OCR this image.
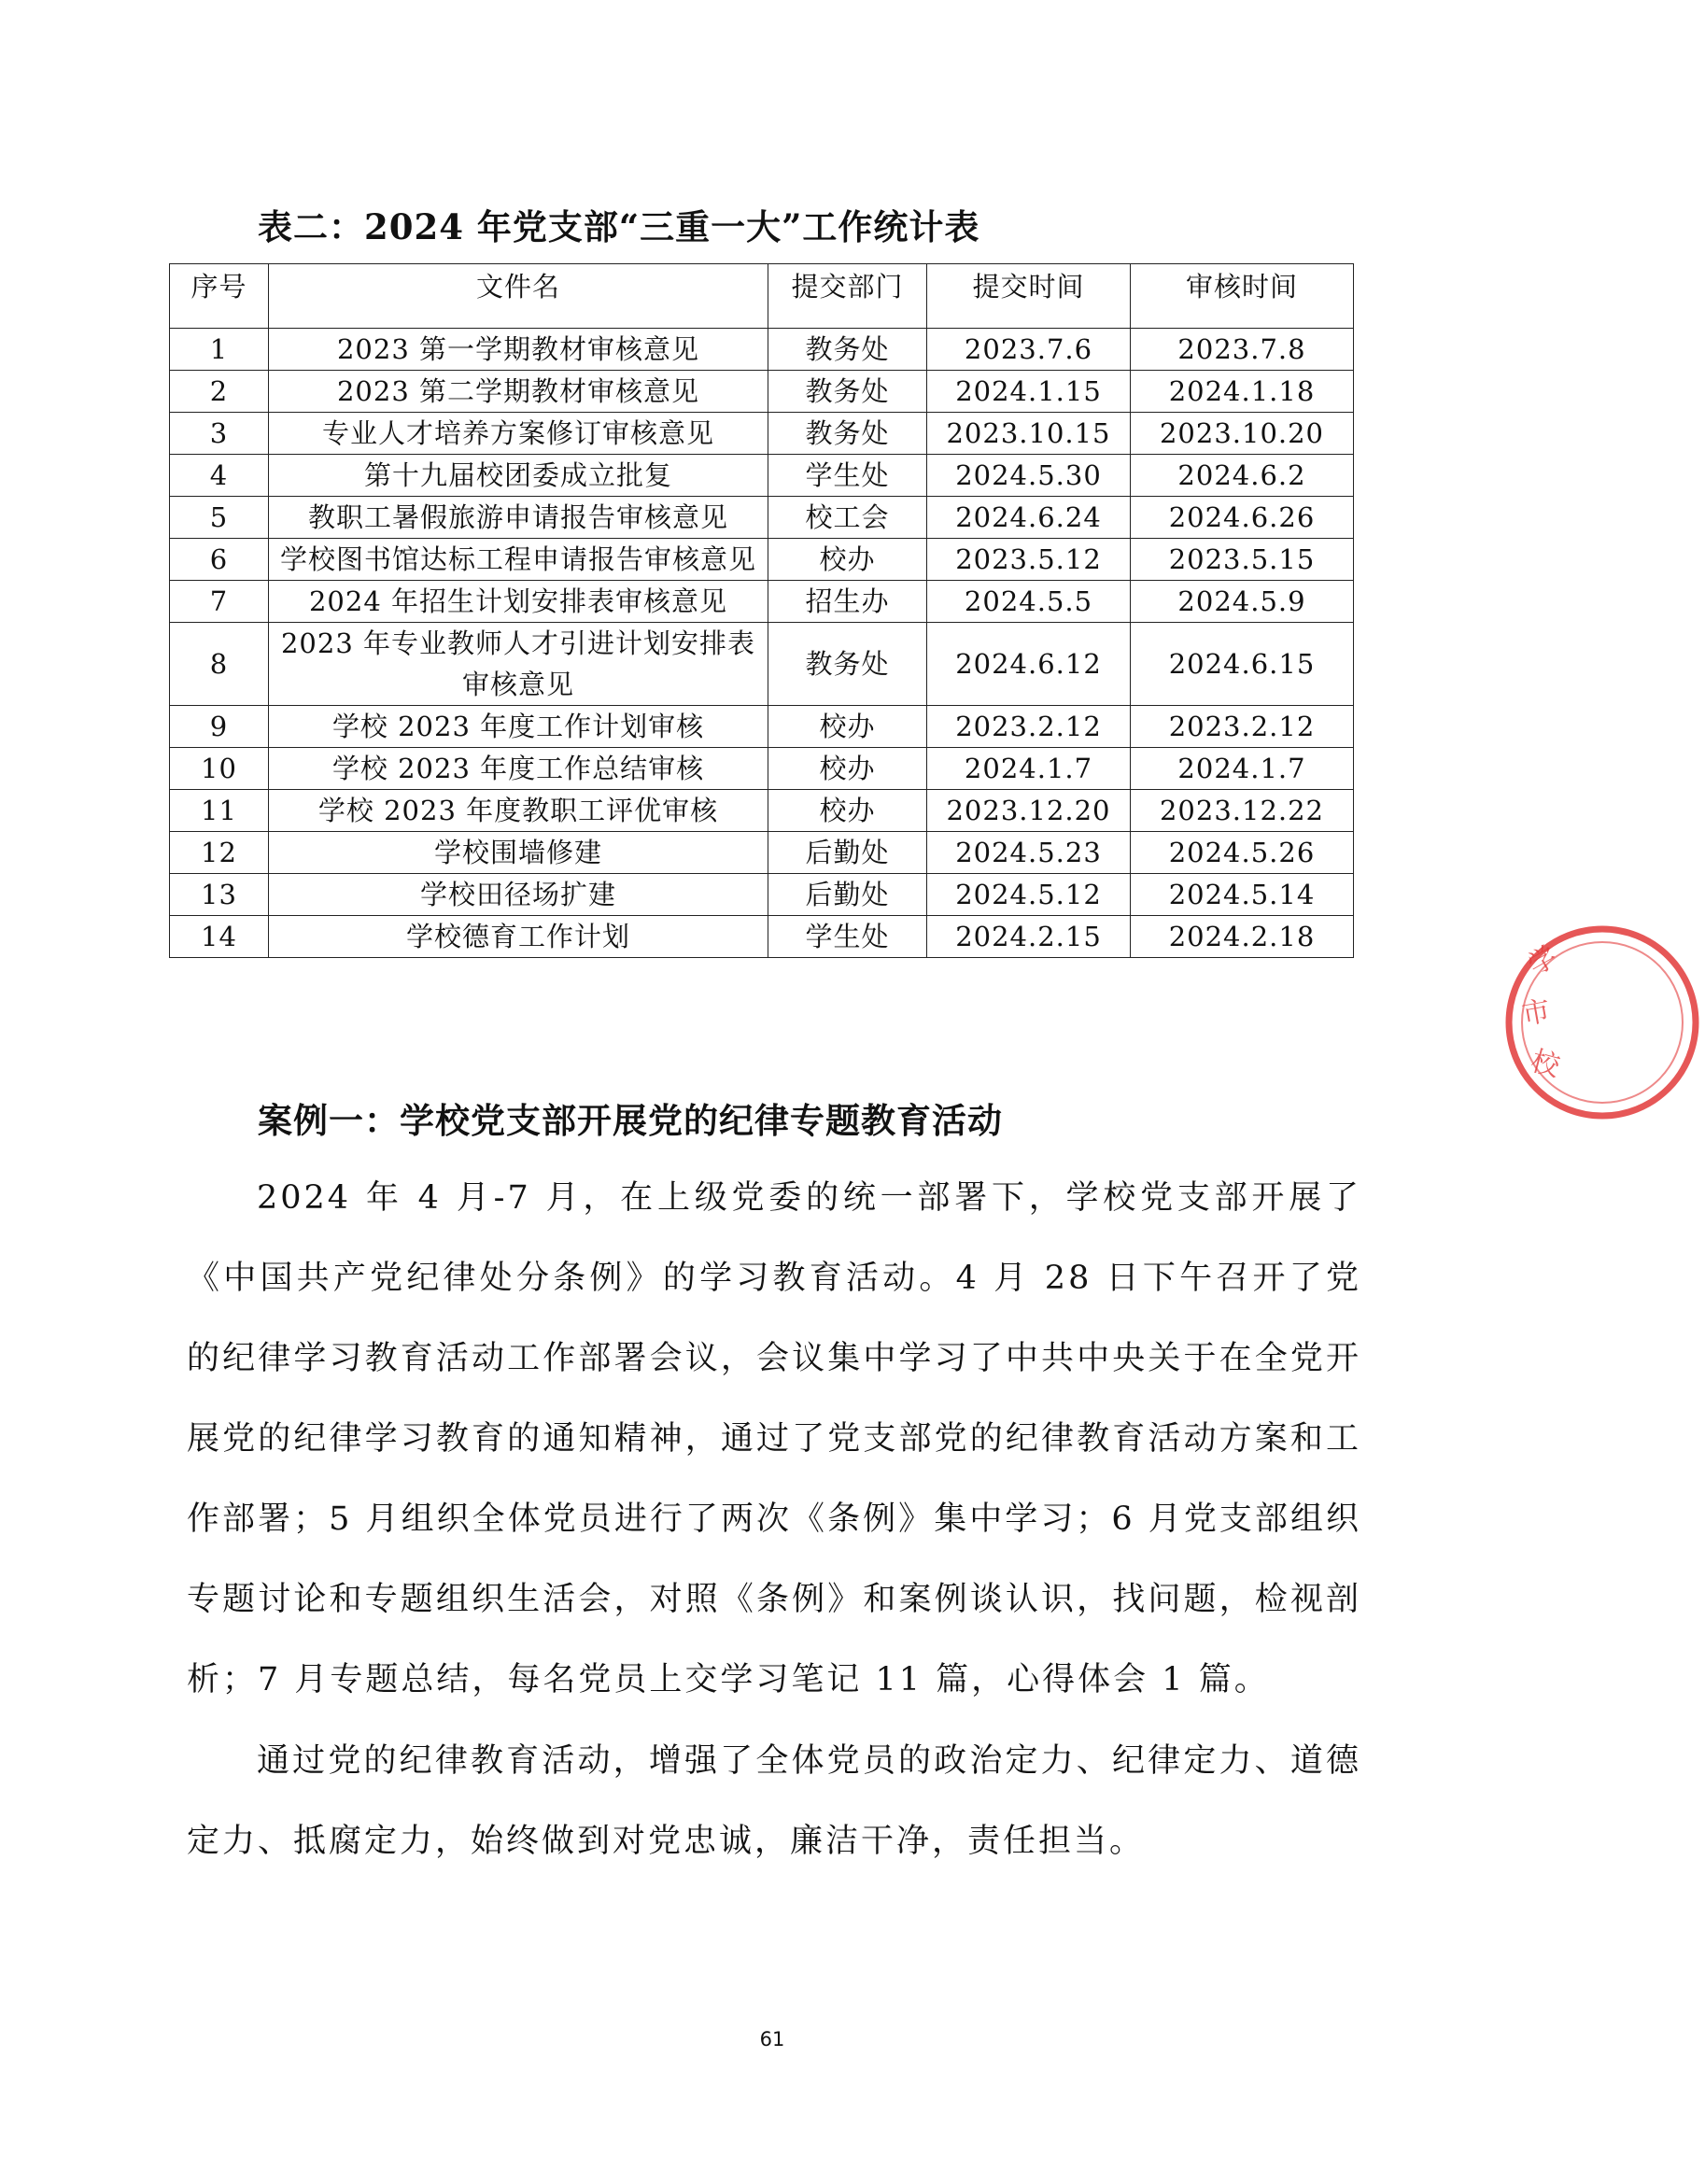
表二：2024 年党支部“三重一大”工作统计表
序号	文件名	提交部门	提交时间	审核时间
1	2023 第一学期教材审核意见	教务处	2023.7.6	2023.7.8
2	2023 第二学期教材审核意见	教务处	2024.1.15	2024.1.18
3	专业人才培养方案修订审核意见	教务处	2023.10.15	2023.10.20
4	第十九届校团委成立批复	学生处	2024.5.30	2024.6.2
5	教职工暑假旅游申请报告审核意见	校工会	2024.6.24	2024.6.26
6	学校图书馆达标工程申请报告审核意见	校办	2023.5.12	2023.5.15
7	2024 年招生计划安排表审核意见	招生办	2024.5.5	2024.5.9
8	2023 年专业教师人才引进计划安排表审核意见	教务处	2024.6.12	2024.6.15
9	学校 2023 年度工作计划审核	校办	2023.2.12	2023.2.12
10	学校 2023 年度工作总结审核	校办	2024.1.7	2024.1.7
11	学校 2023 年度教职工评优审核	校办	2023.12.20	2023.12.22
12	学校围墙修建	后勤处	2024.5.23	2024.5.26
13	学校田径场扩建	后勤处	2024.5.12	2024.5.14
14	学校德育工作计划	学生处	2024.2.15	2024.2.18
案例一：学校党支部开展党的纪律专题教育活动

2024 年 4 月-7 月，在上级党委的统一部署下，学校党支部开展了《中国共产党纪律处分条例》的学习教育活动。4 月 28 日下午召开了党的纪律学习教育活动工作部署会议，会议集中学习了中共中央关于在全党开展党的纪律学习教育的通知精神，通过了党支部党的纪律教育活动方案和工作部署；5 月组织全体党员进行了两次《条例》集中学习；6 月党支部组织专题讨论和专题组织生活会，对照《条例》和案例谈认识，找问题，检视剖析；7 月专题总结，每名党员上交学习笔记 11 篇，心得体会 1 篇。

通过党的纪律教育活动，增强了全体党员的政治定力、纪律定力、道德定力、抵腐定力，始终做到对党忠诚，廉洁干净，责任担当。

学
市
校
61
